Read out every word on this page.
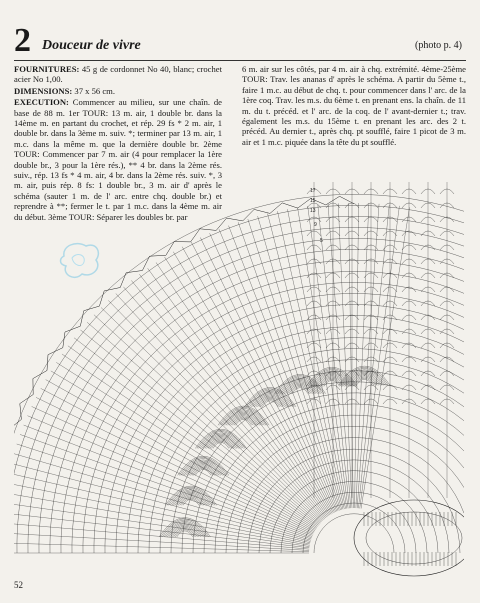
2 Douceur de vivre	(photo p. 4)

FOURNITURES: 45 g de cordonnet No 40, blanc; crochet acier No 1,00.

DIMENSIONS: 37 x 56 cm.

EXECUTION: Commencer au milieu, sur une chaîn. de base de 88 m. 1er TOUR: 13 m. air, 1 double br. dans la 14ème m. en partant du crochet, et rép. 29 fs * 2 m. air, 1 double br. dans la 3ème m. suiv. *; terminer par 13 m. air, 1 m.c. dans la même m. que la dernière double br. 2ème TOUR: Commencer par 7 m. air (4 pour remplacer la 1ère double br., 3 pour la 1ère rés.), ** 4 br. dans la 2ème rés. suiv., rép. 13 fs * 4 m. air, 4 br. dans la 2ème rés. suiv. *, 3 m. air, puis rép. 8 fs: 1 double br., 3 m. air d' après le schéma (sauter 1 m. de l' arc. entre chq. double br.) et reprendre à **; fermer le t. par 1 m.c. dans la 4ème m. air du début. 3ème TOUR: Séparer les doubles br. par

6 m. air sur les côtés, par 4 m. air à chq. extrémité. 4ème-25ème TOUR: Trav. les ananas d' après le schéma. A partir du 5ème t., faire 1 m.c. au début de chq. t. pour commencer dans l' arc. de la 1ère coq. Trav. les m.s. du 6ème t. en prenant ens. la chaîn. de 11 m. du t. précéd. et l' arc. de la coq. de l' avant-dernier t.; trav. également les m.s. du 15ème t. en prenant les arc. des 2 t. précéd. Au dernier t., après chq. pt soufflé, faire 1 picot de 3 m. air et 1 m.c. piquée dans la tête du pt soufflé.

17
15
13
9
5
52
